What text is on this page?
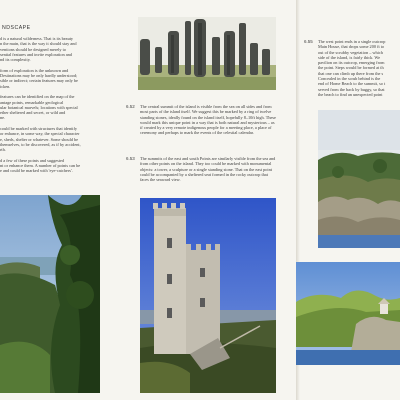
NDSCAPE
d is a natural wilderness. That is its beauty
n the main, that is the way it should stay and
ventions should be designed merely to
sential features and invite exploration and
nd its complexity.

form of exploration is the unknown and
Destinations may be only hardly understood;
sible or indirect; certain features may only be
icken.

features can be identified on the map of the
antage points, remarkable geological
ular botanical marvels; locations with special
ether sheltered and secret, or wild and
ne.

could be marked with structures that identify
or enhance, in some way, the special character
e, sheds, shelter or whatever. Some should be
themselves, to be discovered, as if by accident,
rth.

d a few of these points and suggested
nt or enhance them. A number of points can be
e and could be marked with 'eye-catchers'.
6.52 The central summit of the island is visible from the sea on all sides and from most parts of the island itself. We suggest this be marked by a ring of twelve standing stones, ideally found on the island itself, hopefully 8–10ft high. These would mark this unique point in a way that is both natural and mysterious – as if created by a very remote indigenous people for a meeting place, a place of ceremony and perhaps to mark the events of the celestial calendar.
6.53 The summits of the east and south Points are similarly visible from the sea and from other points on the island. They too could be marked with monumental objects: a tower, a sculpture or a single standing stone. That on the east point could be accompanied by a sheltered seat formed in the rocky outcrop that faces the seaward view.
6.55 The west point ends in a single outcrop
Main House, that drops some 200 ft to
out of the scrubby vegetation – which
side of the island, is fairly thick. We
pavilion on its outcrop, emerging from
the point. Steps would be formed at th
that one can climb up there from the s
Concealed in the scrub behind is the
end of Home Beach to the summit, so t
served from the back by buggy, so that
the beach to find an unexpected point
